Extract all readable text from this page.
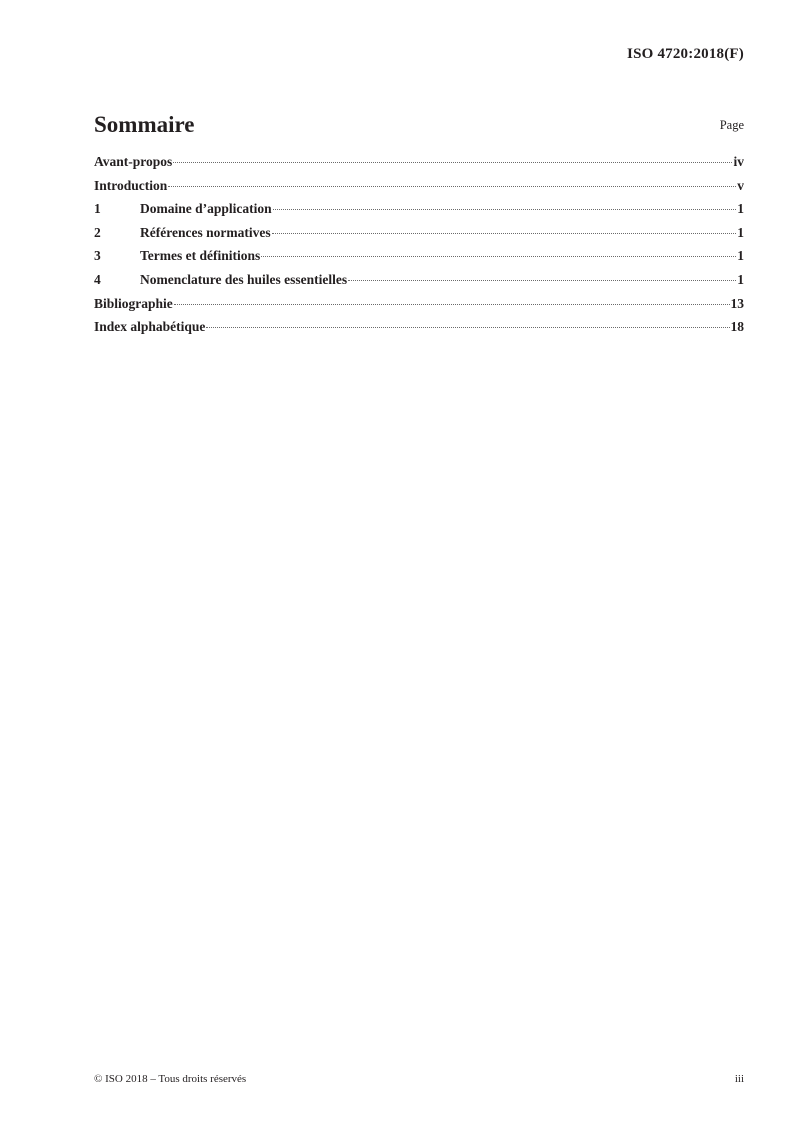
ISO 4720:2018(F)
Sommaire	Page
Avant-propos	iv
Introduction	v
1	Domaine d’application	1
2	Références normatives	1
3	Termes et définitions	1
4	Nomenclature des huiles essentielles	1
Bibliographie	13
Index alphabétique	18
© ISO 2018 – Tous droits réservés	iii
